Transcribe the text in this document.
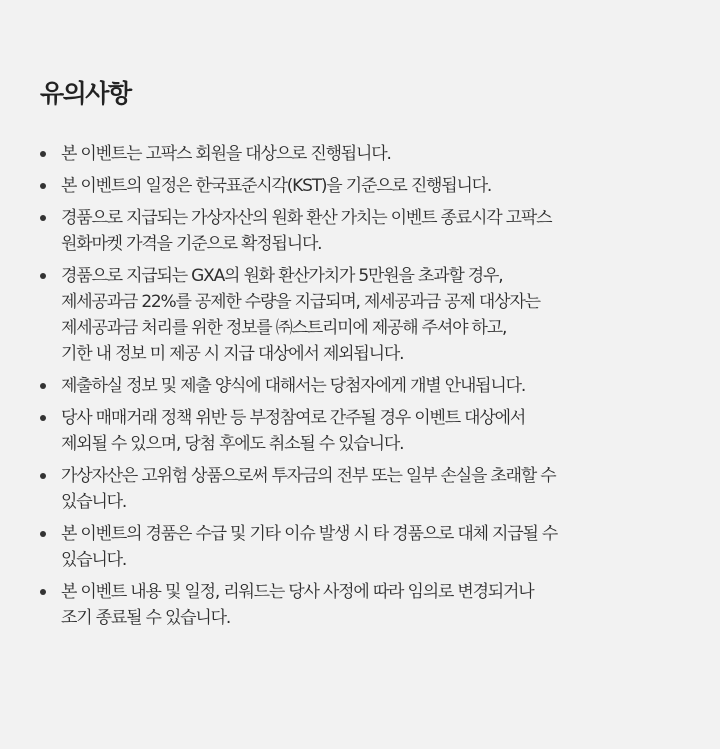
유의사항
본 이벤트는 고팍스 회원을 대상으로 진행됩니다.
본 이벤트의 일정은 한국표준시각(KST)을 기준으로 진행됩니다.
경품으로 지급되는 가상자산의 원화 환산 가치는 이벤트 종료시각 고팍스
원화마켓 가격을 기준으로 확정됩니다.
경품으로 지급되는 GXA의 원화 환산가치가 5만원을 초과할 경우,
제세공과금 22%를 공제한 수량을 지급되며, 제세공과금 공제 대상자는
제세공과금 처리를 위한 정보를 ㈜스트리미에 제공해 주셔야 하고,
기한 내 정보 미 제공 시 지급 대상에서 제외됩니다.
제출하실 정보 및 제출 양식에 대해서는 당첨자에게 개별 안내됩니다.
당사 매매거래 정책 위반 등 부정참여로 간주될 경우 이벤트 대상에서
제외될 수 있으며, 당첨 후에도 취소될 수 있습니다.
가상자산은 고위험 상품으로써 투자금의 전부 또는 일부 손실을 초래할 수
있습니다.
본 이벤트의 경품은 수급 및 기타 이슈 발생 시 타 경품으로 대체 지급될 수
있습니다.
본 이벤트 내용 및 일정, 리워드는 당사 사정에 따라 임의로 변경되거나
조기 종료될 수 있습니다.
